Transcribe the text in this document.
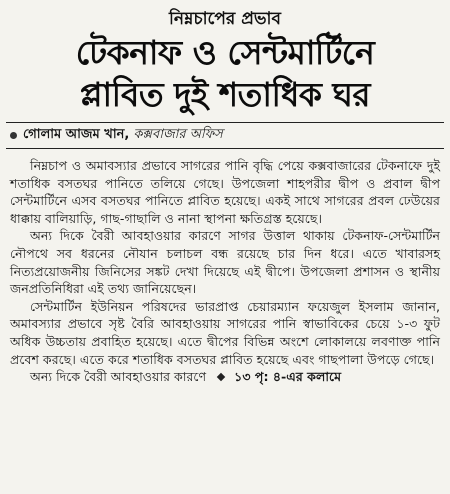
নিম্নচাপের প্রভাব
টেকনাফ ও সেন্টমার্টিনে
প্লাবিত দুই শতাধিক ঘর
গোলাম আজম খান, কক্সবাজার অফিস

নিম্নচাপ ও অমাবস্যার প্রভাবে সাগরের পানি বৃদ্ধি পেয়ে কক্সবাজারের টেকনাফে দুই শতাধিক বসতঘর পানিতে তলিয়ে গেছে। উপজেলা শাহপরীর দ্বীপ ও প্রবাল দ্বীপ সেন্টমার্টিনে এসব বসতঘর পানিতে প্লাবিত হয়েছে। একই সাথে সাগরের প্রবল ঢেউয়ের ধাক্কায় বালিয়াড়ি, গাছ-গাছালি ও নানা স্থাপনা ক্ষতিগ্রস্ত হয়েছে।

অন্য দিকে বৈরী আবহাওয়ার কারণে সাগর উত্তাল থাকায় টেকনাফ-সেন্টমার্টিন নৌপথে সব ধরনের নৌযান চলাচল বন্ধ রয়েছে চার দিন ধরে। এতে খাবারসহ নিত্যপ্রয়োজনীয় জিনিসের সঙ্কট দেখা দিয়েছে এই দ্বীপে। উপজেলা প্রশাসন ও স্থানীয় জনপ্রতিনিধিরা এই তথ্য জানিয়েছেন।

সেন্টমার্টিন ইউনিয়ন পরিষদের ভারপ্রাপ্ত চেয়ারম্যান ফয়েজুল ইসলাম জানান, অমাবস্যার প্রভাবে সৃষ্ট বৈরি আবহাওয়ায় সাগরের পানি স্বাভাবিকের চেয়ে ১-৩ ফুট অধিক উচ্চতায় প্রবাহিত হয়েছে। এতে দ্বীপের বিভিন্ন অংশে লোকালয়ে লবণাক্ত পানি প্রবেশ করছে। এতে করে শতাধিক বসতঘর প্লাবিত হয়েছে এবং গাছপালা উপড়ে গেছে।

অন্য দিকে বৈরী আবহাওয়ার কারণে ১৩ পৃ: ৪-এর কলামে
